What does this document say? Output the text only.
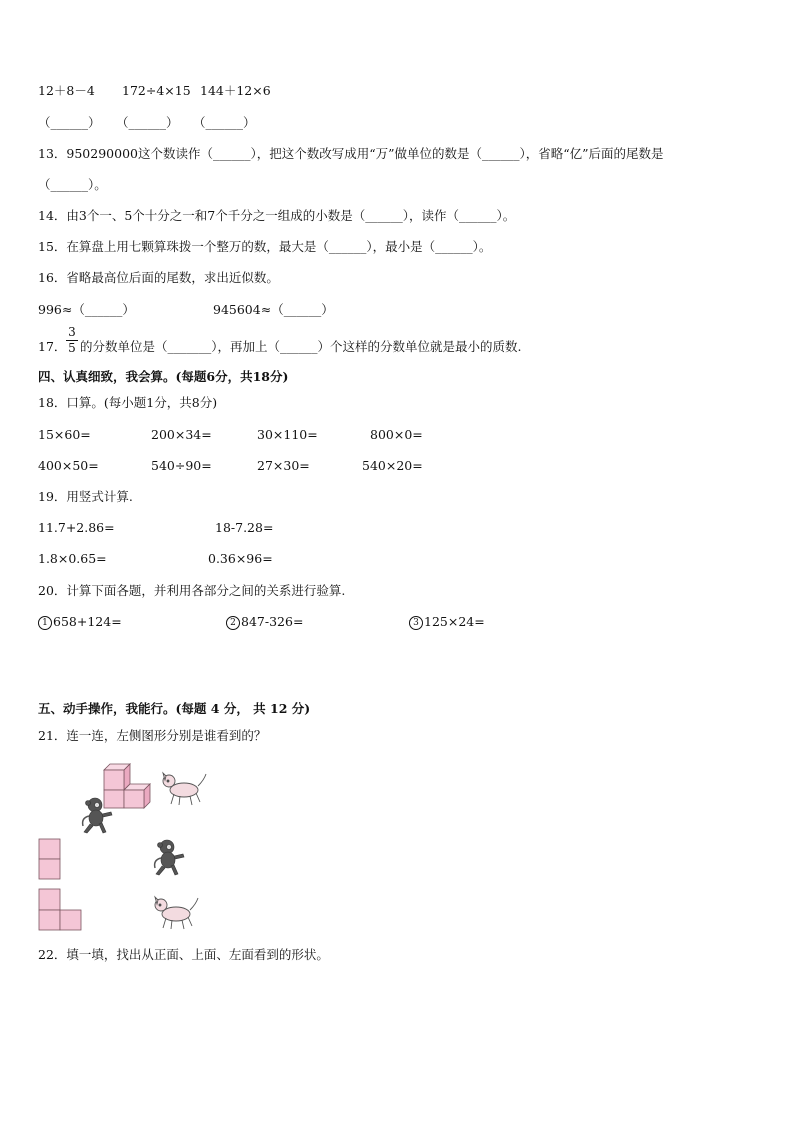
12＋8－4 172÷4×15 144＋12×6
（______） （______） （______）
13．950290000这个数读作（______），把这个数改写成用“万”做单位的数是（______），省略“亿”后面的尾数是
（______）。
14．由3个一、5个十分之一和7个千分之一组成的小数是（______），读作（______）。
15．在算盘上用七颗算珠拨一个整万的数，最大是（______），最小是（______）。
16．省略最高位后面的尾数，求出近似数。
996≈（______）	945604≈（______）
17．
3
5 的分数单位是（_______），再加上（______）个这样的分数单位就是最小的质数.
四、认真细致，我会算。(每题6分，共18分)
18．口算。(每小题1分，共8分)
15×60=	200×34=	30×110=	800×0=
400×50=	540÷90=	27×30=	540×20=
19．用竖式计算.
11.7+2.86=	18-7.28=
1.8×0.65=	0.36×96=
20．计算下面各题，并利用各部分之间的关系进行验算.
1 658+124=	2 847-326=	3 125×24=
五、动手操作，我能行。(每题 4 分， 共 12 分)
21．连一连，左侧图形分别是谁看到的？
22．填一填，找出从正面、上面、左面看到的形状。
